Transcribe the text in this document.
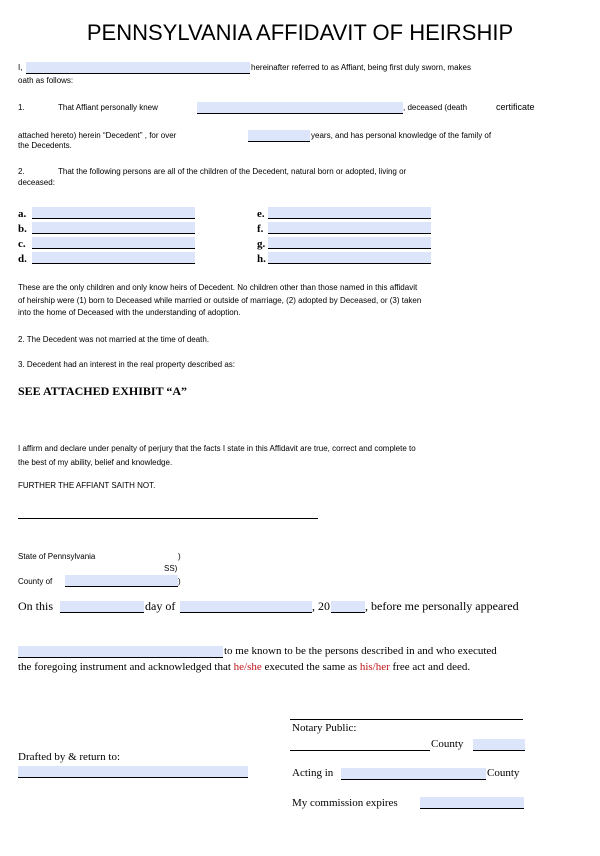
PENNSYLVANIA AFFIDAVIT OF HEIRSHIP
I,	hereinafter referred to as Affiant, being first duly sworn, makes
oath as follows:
1.	That Affiant personally knew	, deceased (death	certificate
attached hereto) herein “Decedent” , for over	years, and has personal knowledge of the family of
the Decedents.
2.	That the following persons are all of the children of the Decedent, natural born or adopted, living or
deceased:
a.
b.
c.
d.
e.
f.
g.
h.
These are the only children and only know heirs of Decedent. No children other than those named in this affidavit
of heirship were (1) born to Deceased while married or outside of marriage, (2) adopted by Deceased, or (3) taken
into the home of Deceased with the understanding of adoption.
2. The Decedent was not married at the time of death.
3. Decedent had an interest in the real property described as:
SEE ATTACHED EXHIBIT “A”
I affirm and declare under penalty of perjury that the facts I state in this Affidavit are true, correct and complete to
the best of my ability, belief and knowledge.
FURTHER THE AFFIANT SAITH NOT.
State of Pennsylvania	)
SS)
County of	)
On this	day of	, 20	, before me personally appeared
to me known to be the persons described in and who executed
the foregoing instrument and acknowledged that he/she executed the same as his/her free act and deed.
Notary Public:
County
Acting in	County
My commission expires
Drafted by & return to:
